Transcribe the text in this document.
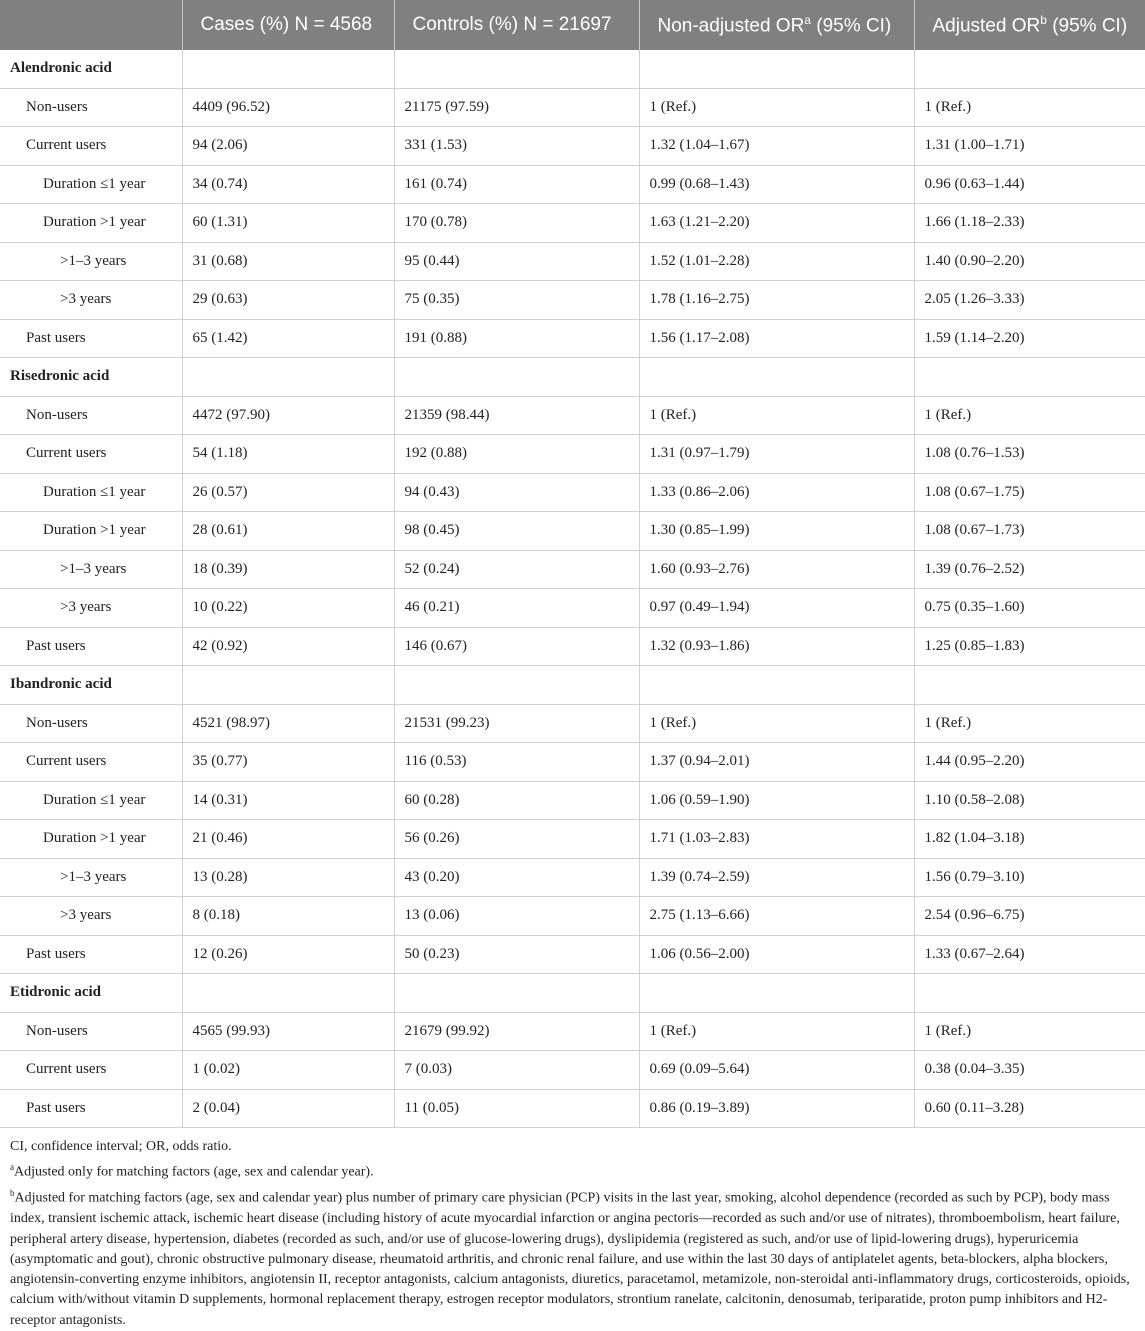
	Cases (%) N = 4568	Controls (%) N = 21697	Non-adjusted $OR^a$ (95% CI)	Adjusted $OR^b$ (95% CI)
Alendronic acid				
Non-users	4409 (96.52)	21175 (97.59)	1 (Ref.)	1 (Ref.)
Current users	94 (2.06)	331 (1.53)	1.32 (1.04–1.67)	1.31 (1.00–1.71)
Duration ≤1 year	34 (0.74)	161 (0.74)	0.99 (0.68–1.43)	0.96 (0.63–1.44)
Duration >1 year	60 (1.31)	170 (0.78)	1.63 (1.21–2.20)	1.66 (1.18–2.33)
>1–3 years	31 (0.68)	95 (0.44)	1.52 (1.01–2.28)	1.40 (0.90–2.20)
>3 years	29 (0.63)	75 (0.35)	1.78 (1.16–2.75)	2.05 (1.26–3.33)
Past users	65 (1.42)	191 (0.88)	1.56 (1.17–2.08)	1.59 (1.14–2.20)
Risedronic acid				
Non-users	4472 (97.90)	21359 (98.44)	1 (Ref.)	1 (Ref.)
Current users	54 (1.18)	192 (0.88)	1.31 (0.97–1.79)	1.08 (0.76–1.53)
Duration ≤1 year	26 (0.57)	94 (0.43)	1.33 (0.86–2.06)	1.08 (0.67–1.75)
Duration >1 year	28 (0.61)	98 (0.45)	1.30 (0.85–1.99)	1.08 (0.67–1.73)
>1–3 years	18 (0.39)	52 (0.24)	1.60 (0.93–2.76)	1.39 (0.76–2.52)
>3 years	10 (0.22)	46 (0.21)	0.97 (0.49–1.94)	0.75 (0.35–1.60)
Past users	42 (0.92)	146 (0.67)	1.32 (0.93–1.86)	1.25 (0.85–1.83)
Ibandronic acid				
Non-users	4521 (98.97)	21531 (99.23)	1 (Ref.)	1 (Ref.)
Current users	35 (0.77)	116 (0.53)	1.37 (0.94–2.01)	1.44 (0.95–2.20)
Duration ≤1 year	14 (0.31)	60 (0.28)	1.06 (0.59–1.90)	1.10 (0.58–2.08)
Duration >1 year	21 (0.46)	56 (0.26)	1.71 (1.03–2.83)	1.82 (1.04–3.18)
>1–3 years	13 (0.28)	43 (0.20)	1.39 (0.74–2.59)	1.56 (0.79–3.10)
>3 years	8 (0.18)	13 (0.06)	2.75 (1.13–6.66)	2.54 (0.96–6.75)
Past users	12 (0.26)	50 (0.23)	1.06 (0.56–2.00)	1.33 (0.67–2.64)
Etidronic acid				
Non-users	4565 (99.93)	21679 (99.92)	1 (Ref.)	1 (Ref.)
Current users	1 (0.02)	7 (0.03)	0.69 (0.09–5.64)	0.38 (0.04–3.35)
Past users	2 (0.04)	11 (0.05)	0.86 (0.19–3.89)	0.60 (0.11–3.28)

CI, confidence interval; OR, odds ratio.

$^a$Adjusted only for matching factors (age, sex and calendar year).

$^b$Adjusted for matching factors (age, sex and calendar year) plus number of primary care physician (PCP) visits in the last year, smoking, alcohol dependence (recorded as such by PCP), body mass index, transient ischemic attack, ischemic heart disease (including history of acute myocardial infarction or angina pectoris—recorded as such and/or use of nitrates), thromboembolism, heart failure, peripheral artery disease, hypertension, diabetes (recorded as such, and/or use of glucose-lowering drugs), dyslipidemia (registered as such, and/or use of lipid-lowering drugs), hyperuricemia (asymptomatic and gout), chronic obstructive pulmonary disease, rheumatoid arthritis, and chronic renal failure, and use within the last 30 days of antiplatelet agents, beta-blockers, alpha blockers, angiotensin-converting enzyme inhibitors, angiotensin II, receptor antagonists, calcium antagonists, diuretics, paracetamol, metamizole, non-steroidal anti-inflammatory drugs, corticosteroids, opioids, calcium with/without vitamin D supplements, hormonal replacement therapy, estrogen receptor modulators, strontium ranelate, calcitonin, denosumab, teriparatide, proton pump inhibitors and H2-receptor antagonists.
